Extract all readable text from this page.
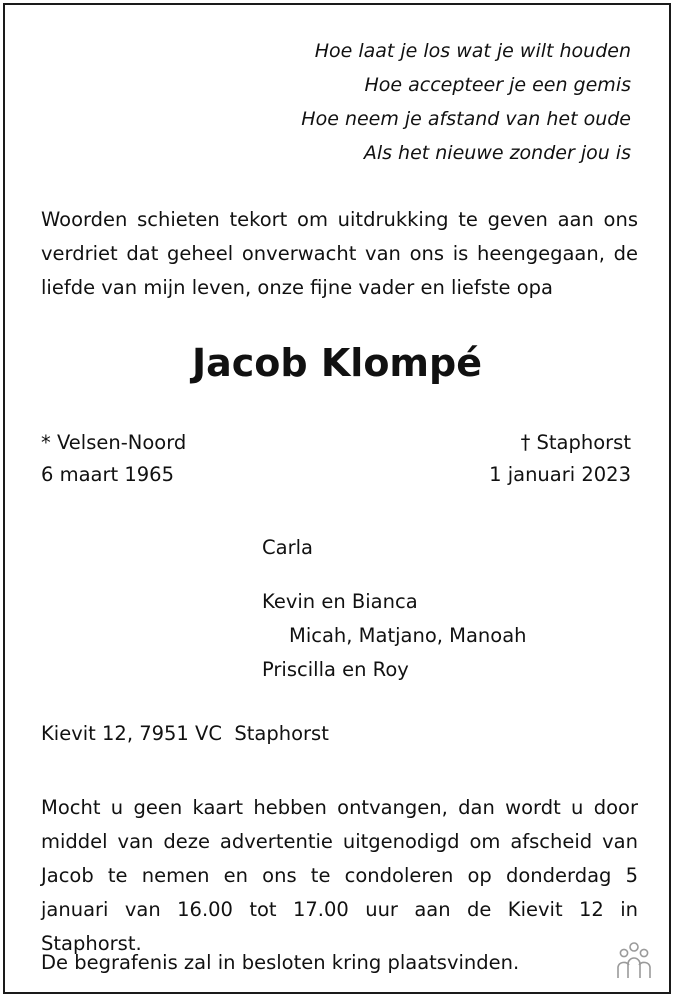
Hoe laat je los wat je wilt houden
Hoe accepteer je een gemis
Hoe neem je afstand van het oude
Als het nieuwe zonder jou is
Woorden schieten tekort om uitdrukking te geven aan ons verdriet dat geheel onverwacht van ons is heengegaan, de liefde van mijn leven, onze fijne vader en liefste opa
Jacob Klompé
* Velsen-Noord
6 maart 1965
† Staphorst
1 januari 2023
Carla
Kevin en Bianca
Micah, Matjano, Manoah
Priscilla en Roy
Kievit 12, 7951 VC  Staphorst
Mocht u geen kaart hebben ontvangen, dan wordt u door middel van deze advertentie uitgenodigd om afscheid van Jacob te nemen en ons te condoleren op donderdag 5 januari van 16.00 tot 17.00 uur aan de Kievit 12 in Staphorst.
De begrafenis zal in besloten kring plaatsvinden.
